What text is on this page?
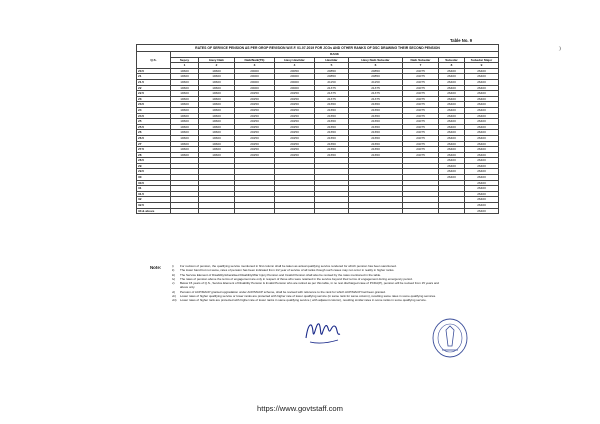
Table No. 9
RATES OF SERVICE PENSION AS PER OROP REVISION W.E.F. 01.07.2019 FOR JCOs AND OTHER RANKS OF DSC DRAWING THEIR SECOND PENSION									
Q.S.	RANK								
	Sepoy	Havy Naik	Naik/Naik(TS)	Havy Havildar	Havildar	Havy Naib Subedar	Naib Subedar	Subedar	Subedar Major
	1	2	3	4	5	6	7	8	9
20.5	19600	19600	20000	20050	20850	20850	24075	26400	26400
21	19600	19600	20000	20000	20850	20850	24075	26400	26400
21.5	19600	19600	20000	20000	21150	21150	24075	26400	26400
22	19600	19600	20000	20000	21375	21375	24075	26400	26400
22.5	19600	19600	20250	20250	21375	21375	24075	26400	26400
23	19600	19600	20250	20250	21375	21375	24075	26400	26400
23.5	19600	19600	20250	20250	21650	21650	24075	26400	26400
24	19600	19600	20250	20250	21650	21650	24075	26400	26400
24.5	19600	19600	20250	20250	21650	21650	24075	26400	26400
25	19600	19600	20250	20250	21650	21650	24075	26400	26400
25.5	19600	19600	20250	20250	21650	21650	24075	26400	26400
26	19600	19600	20250	20250	21650	21650	24075	26400	26400
26.5	19600	19600	20250	20250	21650	21650	24075	26400	26400
27	19600	19600	20250	20250	21650	21650	24075	26400	26400
27.5	19600	19600	20250	20250	21650	21650	24075	26400	26400
28	19600	19600	20250	20250	21650	21650	24075	26400	26400
28.5								26400	26400
29								26400	26400
29.5								26400	26400
30								26400	26400
30.5									26400
31									26400
31.5									26400
32									26400
32.5									26400
33 & above									26400
Note:	i)	For revision of pension, the qualifying service mentioned in first column shall be taken as actual qualifying service rendered for which pension has been sanctioned.
ii)	The lower band but not same, rates of pension has been indicated from 1/2 year of service of all ranks though such cases may not occur in reality in higher ranks.
iii)	The Service Element of Disability/Liberalised Disability/War Injury Pension and Invalid Pension shall also be revised by the rates mentioned in the table.
iv)	The rates of pension above the terms of engagement are only in respect of those who were retained in the service beyond their terms of engagement during emergency period.
v)	Below 15 years of Q.S., Service Element of Disability Pension & Invalid Pension who are retired as per this table, in no rest discharged case of PCDA(P), pension will be revised from 15 years and
above only.
vi)	Pension of ACP/MACP granted upgradation under ACP/MACP scheme, shall be revised with reference to the rank for which ACP/MACP had been granted.
vii)	Lower rates of higher qualifying service or lower ranks are protected with higher rate of lower qualifying service (in same rank for same column), resulting same rates in some qualifying services.
viii)	Lower rates of higher rank are protected with higher rate of lower ranks in same qualifying service ( with adjacent column), resulting similar rates in some ranks in some qualifying service.
https://www.govtstaff.com
